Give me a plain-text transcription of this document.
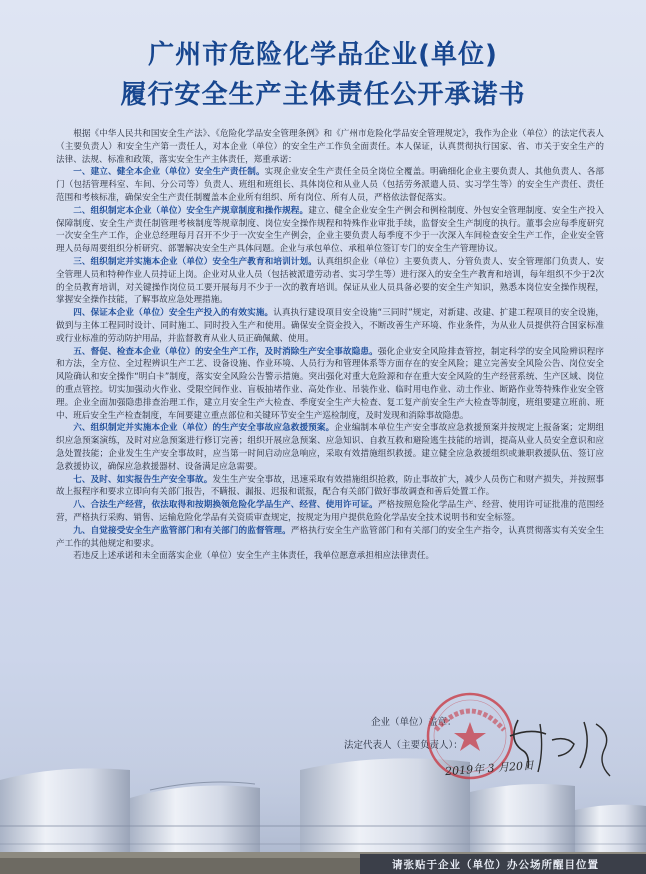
广州市危险化学品企业(单位)
履行安全生产主体责任公开承诺书

根据《中华人民共和国安全生产法》、《危险化学品安全管理条例》和《广州市危险化学品安全管理规定》，我作为企业（单位）的法定代表人（主要负责人）和安全生产第一责任人，对本企业（单位）的安全生产工作负全面责任。本人保证，认真贯彻执行国家、省、市关于安全生产的法律、法规、标准和政策，落实安全生产主体责任，郑重承诺：

一、建立、健全本企业（单位）安全生产责任制。实现企业安全生产责任全员全岗位全覆盖。明确细化企业主要负责人、其他负责人、各部门（包括管理科室、车间、分公司等）负责人、班组和班组长、具体岗位和从业人员（包括劳务派遣人员、实习学生等）的安全生产责任、责任范围和考核标准，确保安全生产责任制覆盖本企业所有组织、所有岗位、所有人员，严格依法督促落实。

二、组织制定本企业（单位）安全生产规章制度和操作规程。建立、健全企业安全生产例会和例检制度、外包安全管理制度、安全生产投入保障制度、安全生产责任制管理考核制度等规章制度、岗位安全操作规程和特殊作业审批手续，监督安全生产制度的执行。董事会应每季度研究一次安全生产工作，企业总经理每月召开不少于一次安全生产例会，企业主要负责人每季度不少于一次深入车间检查安全生产工作，企业安全管理人员每周要组织分析研究、部署解决安全生产具体问题。企业与承包单位、承租单位签订专门的安全生产管理协议。

三、组织制定并实施本企业（单位）安全生产教育和培训计划。认真组织企业（单位）主要负责人、分管负责人、安全管理部门负责人、安全管理人员和特种作业人员持证上岗。企业对从业人员（包括被派遣劳动者、实习学生等）进行深入的安全生产教育和培训，每年组织不少于2次的全员教育培训，对关键操作岗位员工要开展每月不少于一次的教育培训。保证从业人员具备必要的安全生产知识，熟悉本岗位安全操作规程，掌握安全操作技能，了解事故应急处理措施。

四、保证本企业（单位）安全生产投入的有效实施。认真执行建设项目安全设施“三同时”规定，对新建、改建、扩建工程项目的安全设施，做到与主体工程同时设计、同时施工、同时投入生产和使用。确保安全资金投入，不断改善生产环境、作业条件，为从业人员提供符合国家标准或行业标准的劳动防护用品，并监督教育从业人员正确佩戴、使用。

五、督促、检查本企业（单位）的安全生产工作，及时消除生产安全事故隐患。强化企业安全风险排查管控，制定科学的安全风险辨识程序和方法，全方位、全过程辨识生产工艺、设备设施、作业环境、人员行为和管理体系等方面存在的安全风险；建立完善安全风险公告、岗位安全风险确认和安全操作“明白卡”制度，落实安全风险公告警示措施。突出强化对重大危险源和存在重大安全风险的生产经营系统、生产区域、岗位的重点管控。切实加强动火作业、受限空间作业、盲板抽堵作业、高处作业、吊装作业、临时用电作业、动土作业、断路作业等特殊作业安全管理。企业全面加强隐患排查治理工作，建立月安全生产大检查、季度安全生产大检查、复工复产前安全生产大检查等制度，班组要建立班前、班中、班后安全生产检查制度，车间要建立重点部位和关键环节安全生产巡检制度，及时发现和消除事故隐患。

六、组织制定并实施本企业（单位）的生产安全事故应急救援预案。企业编制本单位生产安全事故应急救援预案并按规定上报备案；定期组织应急预案演练，及时对应急预案进行修订完善；组织开展应急预案、应急知识、自救互救和避险逃生技能的培训，提高从业人员安全意识和应急处置技能；企业发生生产安全事故时，应当第一时间启动应急响应，采取有效措施组织救援。建立健全应急救援组织或兼职救援队伍、签订应急救援协议，确保应急救援器材、设备满足应急需要。

七、及时、如实报告生产安全事故。发生生产安全事故，迅速采取有效措施组织抢救，防止事故扩大，减少人员伤亡和财产损失，并按照事故上报程序和要求立即向有关部门报告，不瞒报、漏报、迟报和谎报，配合有关部门做好事故调查和善后处置工作。

八、合法生产经营，依法取得和按期换领危险化学品生产、经营、使用许可证。严格按照危险化学品生产、经营、使用许可证批准的范围经营，严格执行采购、销售、运输危险化学品有关资质审查规定，按规定为用户提供危险化学品安全技术说明书和安全标签。

九、自觉接受安全生产监管部门和有关部门的监督管理。严格执行安全生产监管部门和有关部门的安全生产指令，认真贯彻落实有关安全生产工作的其他规定和要求。

若违反上述承诺和未全面落实企业（单位）安全生产主体责任，我单位愿意承担相应法律责任。

请张贴于企业（单位）办公场所醒目位置
企业（单位）盖章：
法定代表人（主要负责人）：
2019年 3 月20日
